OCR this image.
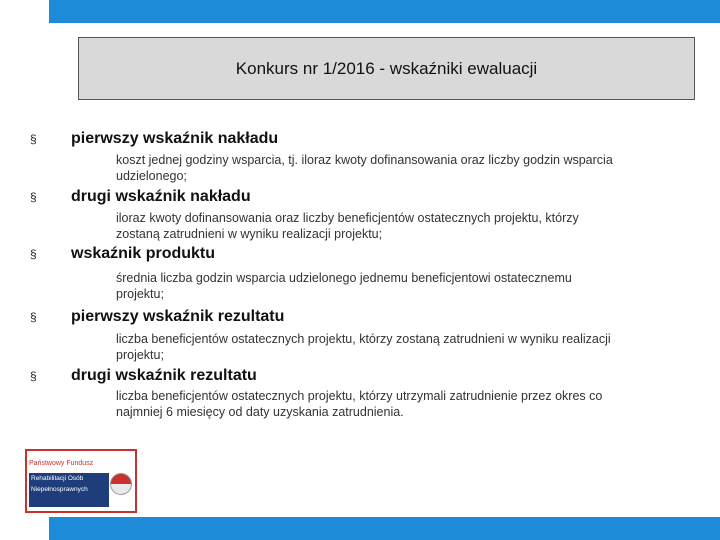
Konkurs nr 1/2016 - wskaźniki ewaluacji
§ pierwszy wskaźnik nakładu
koszt jednej godziny wsparcia, tj. iloraz kwoty dofinansowania oraz liczby godzin wsparcia
udzielonego;
§ drugi wskaźnik nakładu
iloraz kwoty dofinansowania oraz liczby beneficjentów ostatecznych projektu, którzy
zostaną zatrudnieni w wyniku realizacji projektu;
§ wskaźnik produktu
średnia liczba godzin wsparcia udzielonego jednemu beneficjentowi ostatecznemu
projektu;
§ pierwszy wskaźnik rezultatu
liczba beneficjentów ostatecznych projektu, którzy zostaną zatrudnieni w wyniku realizacji
projektu;
§ drugi wskaźnik rezultatu
liczba beneficjentów ostatecznych projektu, którzy utrzymali zatrudnienie przez okres co
najmniej 6 miesięcy od daty uzyskania zatrudnienia.
Państwowy Fundusz
Rehabilitacji Osób
Niepełnosprawnych
